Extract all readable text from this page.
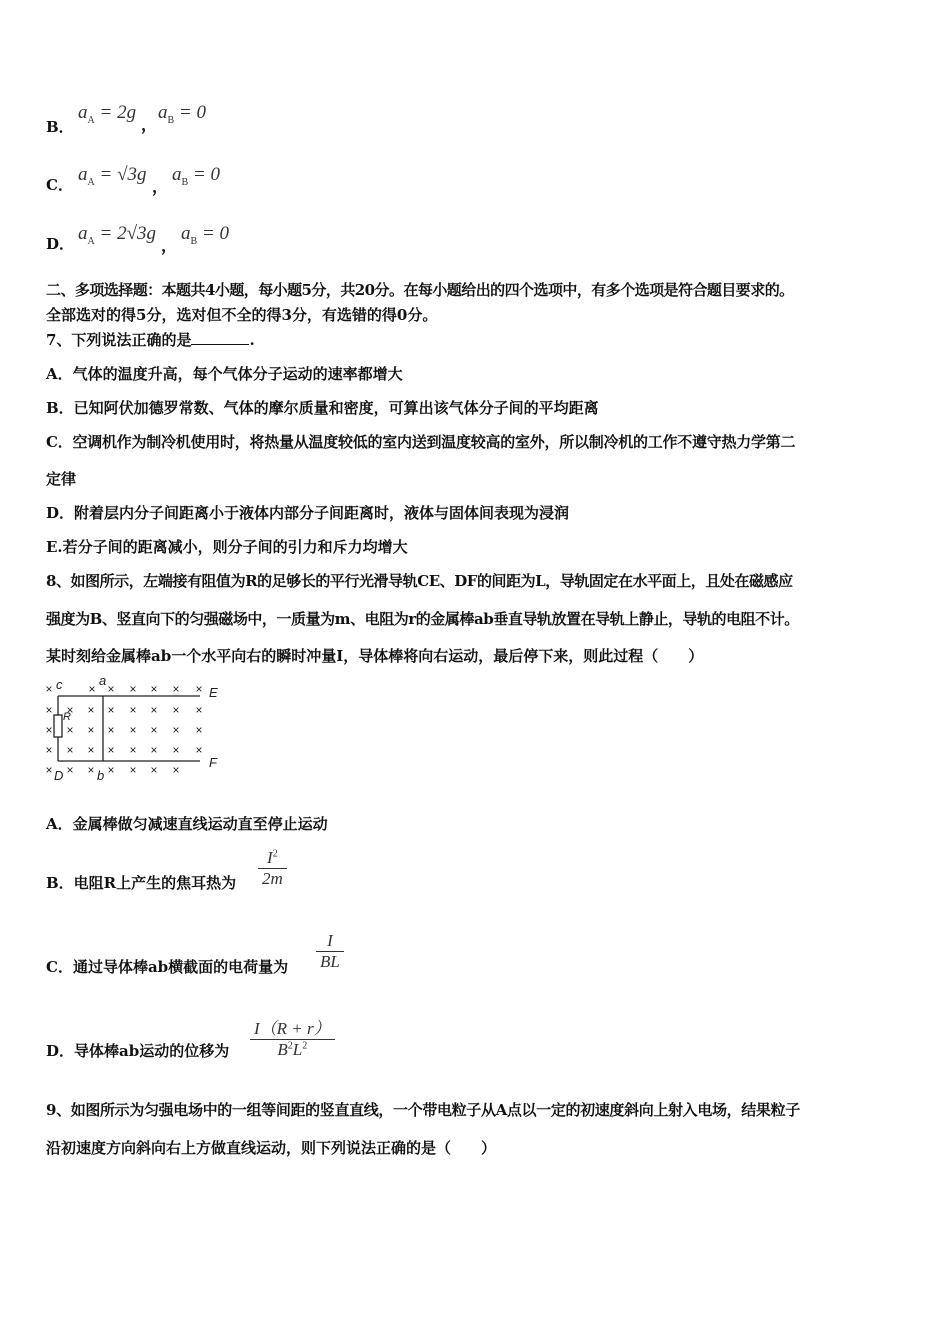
B．
$a_A = 2g$
，
$a_B = 0$
C． $a_A = √3g$
，
$a_B = 0$
D． $a_A = 2√3g$
，
$a_B = 0$
二、多项选择题：本题共4小题，每小题5分，共20分。在每小题给出的四个选项中，有多个选项是符合题目要求的。
全部选对的得5分，选对但不全的得3分，有选错的得0分。
7、下列说法正确的是	.
A．气体的温度升高，每个气体分子运动的速率都增大
B．已知阿伏加德罗常数、气体的摩尔质量和密度，可算出该气体分子间的平均距离
C．空调机作为制冷机使用时，将热量从温度较低的室内送到温度较高的室外，所以制冷机的工作不遵守热力学第二
定律
D．附着层内分子间距离小于液体内部分子间距离时，液体与固体间表现为浸润
E.若分子间的距离减小，则分子间的引力和斥力均增大
8、如图所示，左端接有阻值为R的足够长的平行光滑导轨CE、DF的间距为L，导轨固定在水平面上，且处在磁感应
强度为B、竖直向下的匀强磁场中，一质量为m、电阻为r的金属棒ab垂直导轨放置在导轨上静止，导轨的电阻不计。
某时刻给金属棒ab一个水平向右的瞬时冲量I，导体棒将向右运动，最后停下来，则此过程（　　）
×	× × × × × ×
× × × × × × × ×
× × × × × × × ×
× × × × × × × ×
× × × × × × ×
c	a
E
R
D	b
F
A．金属棒做匀减速直线运动直至停止运动
B．电阻R上产生的焦耳热为 $\frac{I^2}{2m}$
C．通过导体棒ab横截面的电荷量为 $\frac{I}{BL}$
D．导体棒ab运动的位移为 $\frac{I(R + r)}{B^2L^2}$
9、如图所示为匀强电场中的一组等间距的竖直直线，一个带电粒子从A点以一定的初速度斜向上射入电场，结果粒子
沿初速度方向斜向右上方做直线运动，则下列说法正确的是（　　）
